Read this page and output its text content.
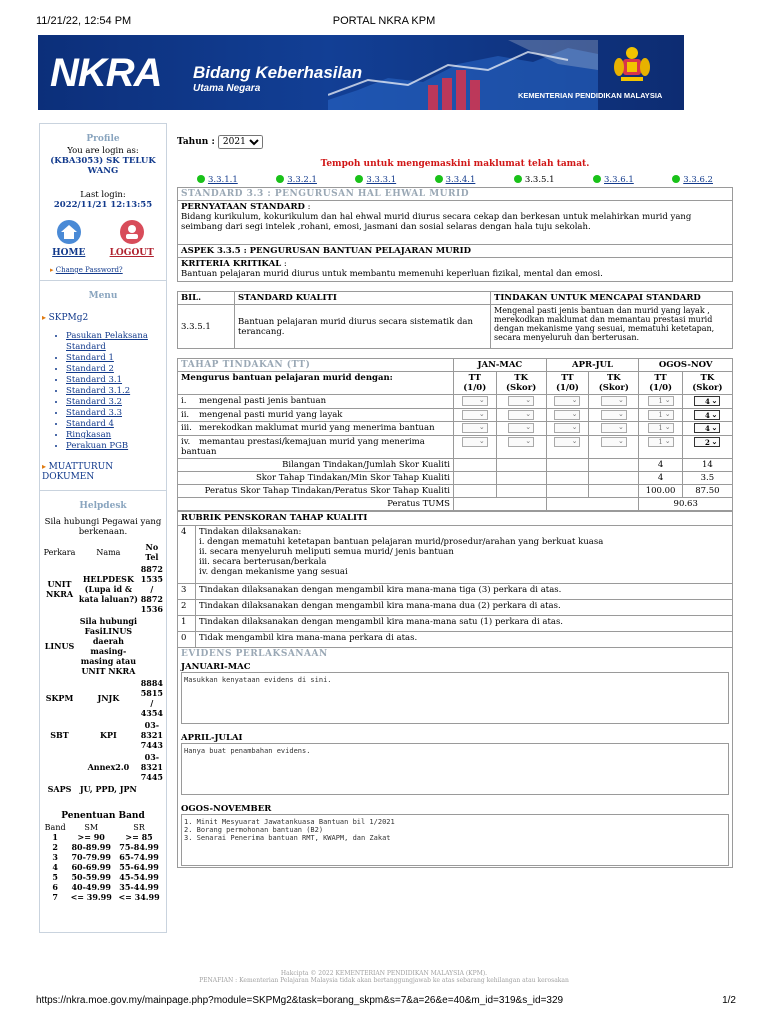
11/21/22, 12:54 PM	PORTAL NKRA KPM
NKRA Bidang Keberhasilan
Utama Negara
KEMENTERIAN PENDIDIKAN MALAYSIA
Profile
You are login as:
(KBA3053) SK TELUK WANG
Last login:
2022/11/21 12:13:55
HOME	LOGOUT
▸ Change Password?
Menu
▸ SKPMg2
• Pasukan Pelaksana Standard
• Standard 1
• Standard 2
• Standard 3.1
• Standard 3.1.2
• Standard 3.2
• Standard 3.3
• Standard 4
• Ringkasan
• Perakuan PGB
▸ MUATTURUN DOKUMEN
Helpdesk
Sila hubungi Pegawai yang berkenaan.
Perkara	Nama	No Tel
UNIT NKRA	HELPDESK (Lupa id & kata laluan?)	8872 1535 / 8872 1536
LINUS	Sila hubungi FasiLINUS daerah masing-masing atau UNIT NKRA	
SKPM	JNJK	8884 5815 / 4354
SBT	KPI	03-8321 7443
	Annex2.0	03-8321 7445
SAPS	JU, PPD, JPN	
Penentuan Band
Band	SM	SR
1	>= 90	>= 85
2	80-89.99	75-84.99
3	70-79.99	65-74.99
4	60-69.99	55-64.99
5	50-59.99	45-54.99
6	40-49.99	35-44.99
7	<= 39.99	<= 34.99
Tahun :
2021
Tempoh untuk mengemaskini maklumat telah tamat.
3.3.1.1	3.3.2.1	3.3.3.1	3.3.4.1	3.3.5.1	3.3.6.1	3.3.6.2
STANDARD 3.3 : PENGURUSAN HAL EHWAL MURID
PERNYATAAN STANDARD :
Bidang kurikulum, kokurikulum dan hal ehwal murid diurus secara cekap dan berkesan untuk melahirkan murid yang seimbang dari segi intelek ,rohani, emosi, jasmani dan sosial selaras dengan hala tuju sekolah.
ASPEK 3.3.5 : PENGURUSAN BANTUAN PELAJARAN MURID
KRITERIA KRITIKAL :
Bantuan pelajaran murid diurus untuk membantu memenuhi keperluan fizikal, mental dan emosi.
BIL.	STANDARD KUALITI	TINDAKAN UNTUK MENCAPAI STANDARD
3.3.5.1	Bantuan pelajaran murid diurus secara sistematik dan terancang.	Mengenal pasti jenis bantuan dan murid yang layak , merekodkan maklumat dan memantau prestasi murid dengan mekanisme yang sesuai, mematuhi ketetapan, secara menyeluruh dan berterusan.
TAHAP TINDAKAN (TT)	JAN-MAC		APR-JUL		OGOS-NOV	
Mengurus bantuan pelajaran murid dengan:	TT (1/0)	TK (Skor)	TT (1/0)	TK (Skor)	TT (1/0)	TK (Skor)
i. mengenal pasti jenis bantuan	⌄	⌄	⌄	⌄	1 ⌄	4 ⌄
ii. mengenal pasti murid yang layak	⌄	⌄	⌄	⌄	1 ⌄	4 ⌄
iii. merekodkan maklumat murid yang menerima bantuan	⌄	⌄	⌄	⌄	1 ⌄	4 ⌄
iv. memantau prestasi/kemajuan murid yang menerima bantuan	⌄	⌄	⌄	⌄	1 ⌄	2 ⌄
Bilangan Tindakan/Jumlah Skor Kualiti					4	14
Skor Tahap Tindakan/Min Skor Tahap Kualiti					4	3.5
Peratus Skor Tahap Tindakan/Peratus Skor Tahap Kualiti					100.00	87.50
Peratus TUMS					90.63	
RUBRIK PENSKORAN TAHAP KUALITI	
4	Tindakan dilaksanakan:
i. dengan mematuhi ketetapan bantuan pelajaran murid/prosedur/arahan yang berkuat kuasa
ii. secara menyeluruh meliputi semua murid/ jenis bantuan
iii. secara berterusan/berkala
iv. dengan mekanisme yang sesuai

3	Tindakan dilaksanakan dengan mengambil kira mana-mana tiga (3) perkara di atas.
2	Tindakan dilaksanakan dengan mengambil kira mana-mana dua (2) perkara di atas.
1	Tindakan dilaksanakan dengan mengambil kira mana-mana satu (1) perkara di atas.
0	Tidak mengambil kira mana-mana perkara di atas.
EVIDENS PERLAKSANAAN
JANUARI-MAC
Masukkan kenyataan evidens di sini.
APRIL-JULAI
Hanya buat penambahan evidens.
OGOS-NOVEMBER
1. Minit Mesyuarat Jawatankuasa Bantuan bil 1/2021
2. Borang permohonan bantuan (B2)
3. Senarai Penerima bantuan RMT, KWAPM, dan Zakat
Hakcipta © 2022 KEMENTERIAN PENDIDIKAN MALAYSIA (KPM).
PENAFIAN : Kementerian Pelajaran Malaysia tidak akan bertanggungjawab ke atas sebarang kehilangan atau kerosakan
https://nkra.moe.gov.my/mainpage.php?module=SKPMg2&task=borang_skpm&s=7&a=26&e=40&m_id=319&s_id=329	1/2
